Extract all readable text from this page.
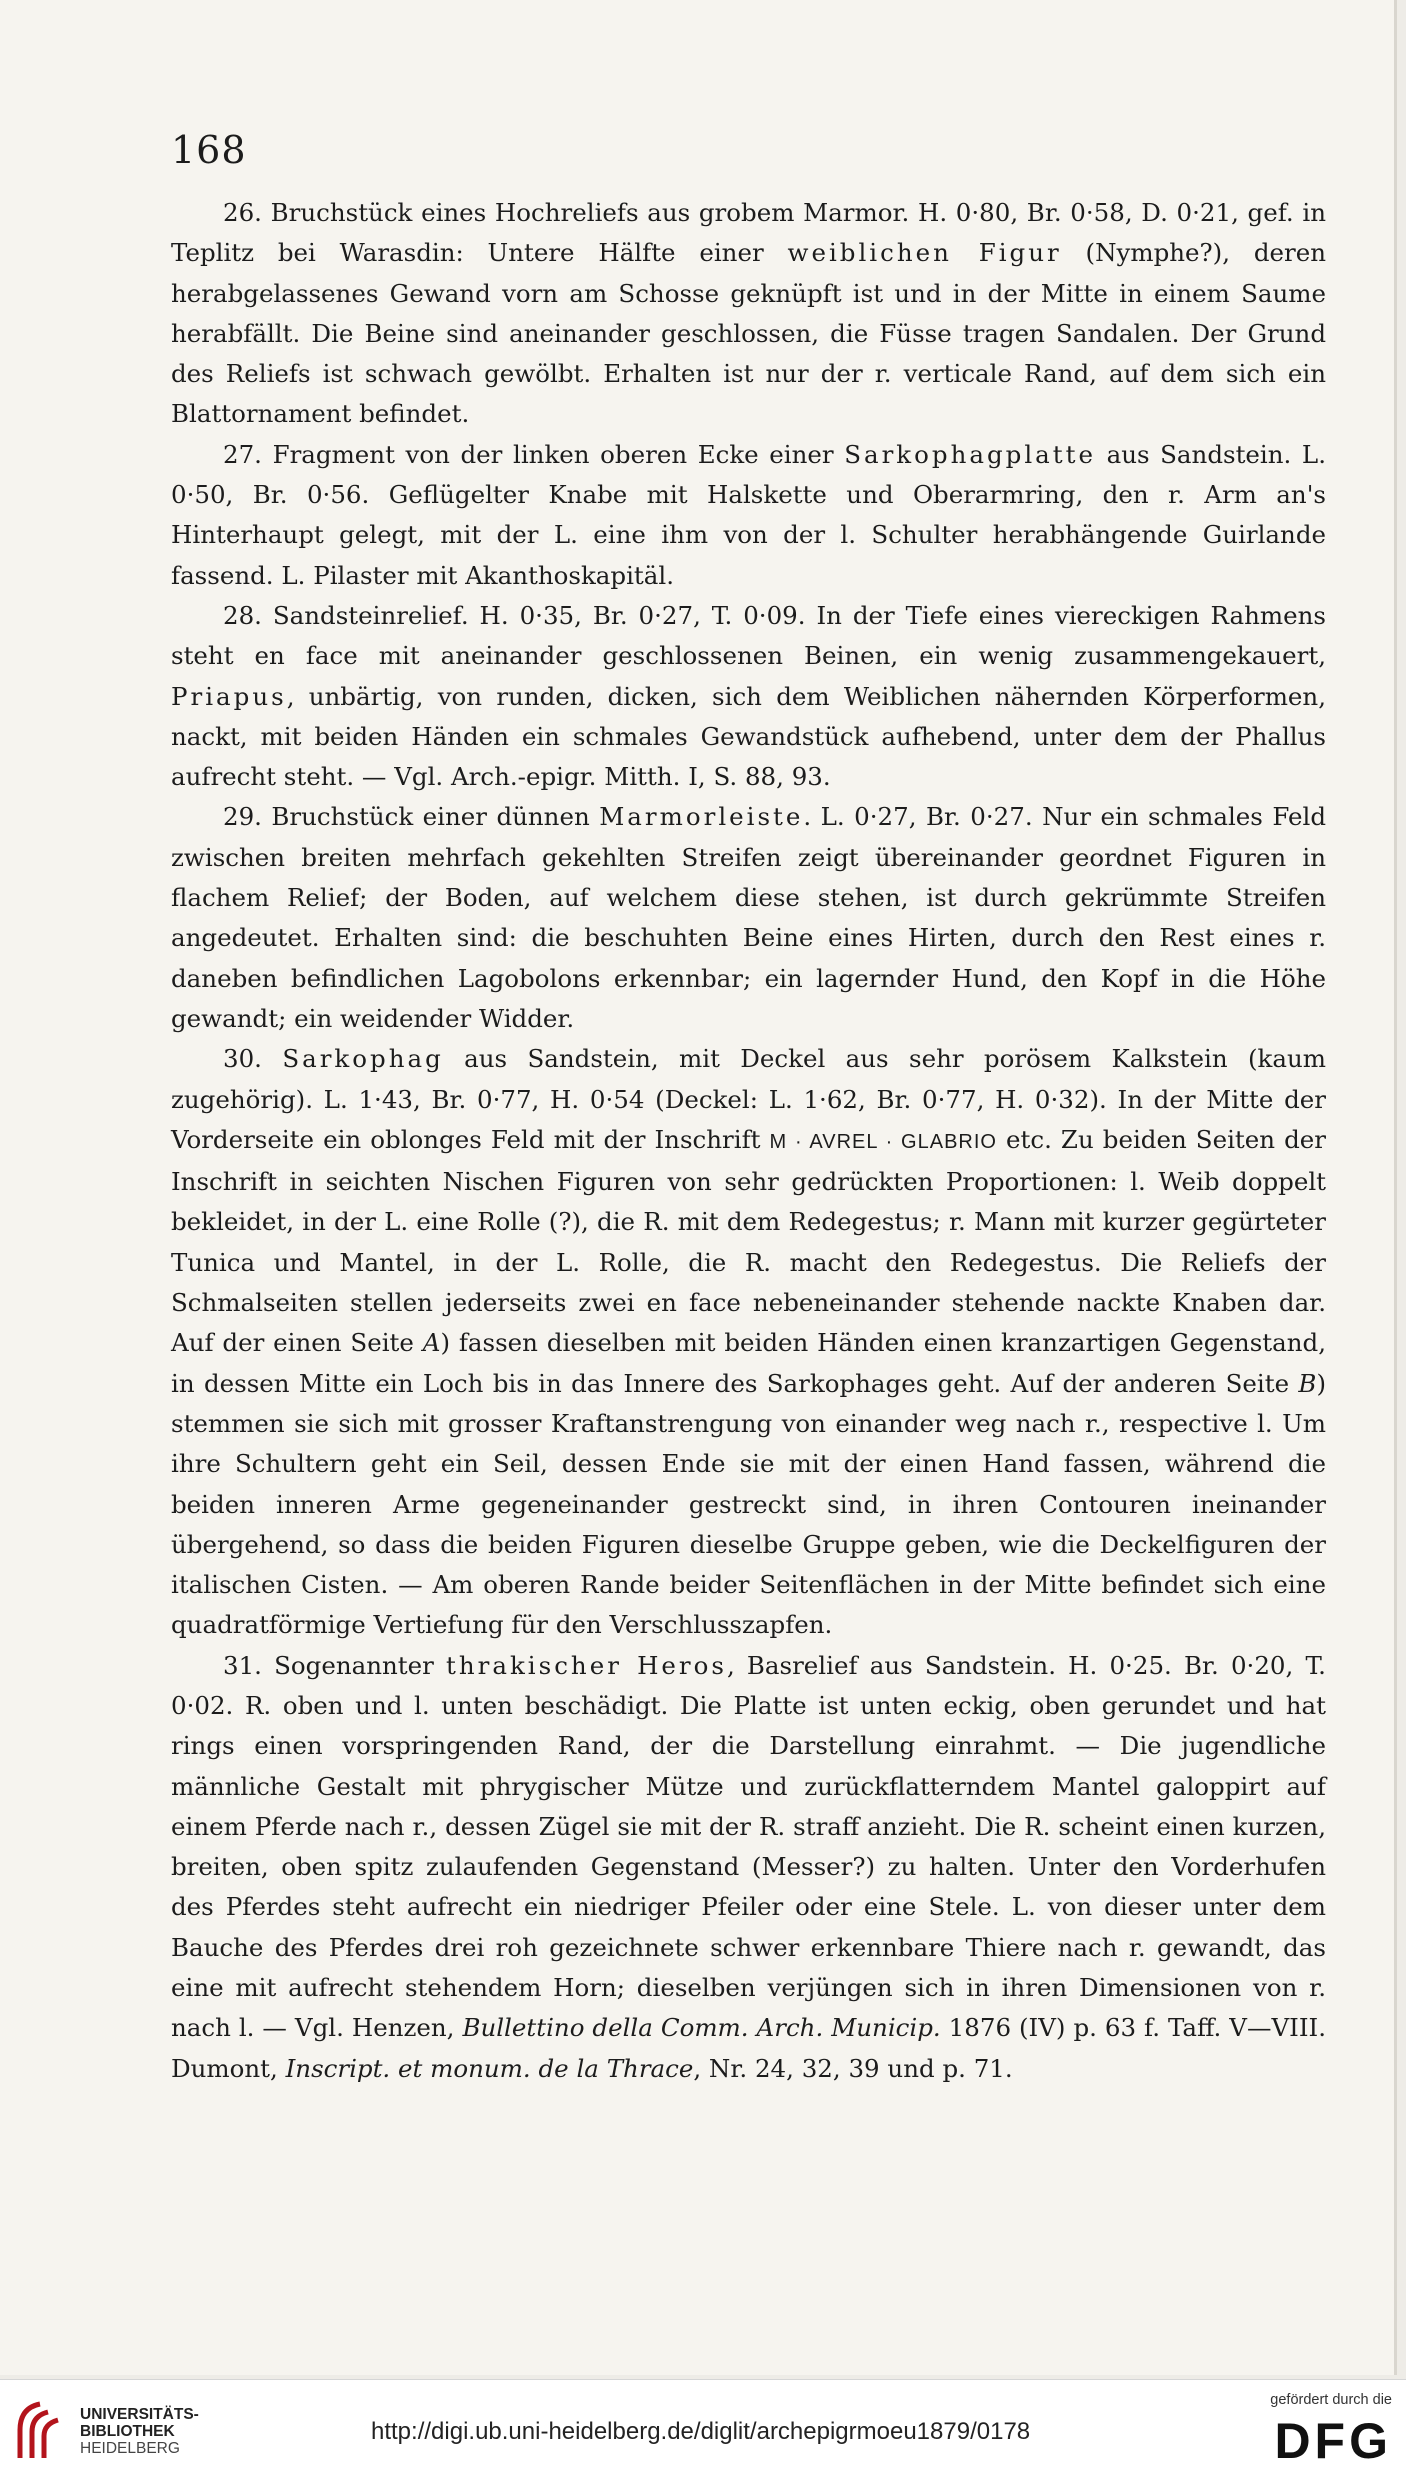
168

26. Bruchstück eines Hochreliefs aus grobem Marmor. H. 0·80, Br. 0·58, D. 0·21, gef. in Teplitz bei Warasdin: Untere Hälfte einer weiblichen Figur (Nymphe?), deren herabgelassenes Gewand vorn am Schosse geknüpft ist und in der Mitte in einem Saume herabfällt. Die Beine sind aneinander geschlossen, die Füsse tragen Sandalen. Der Grund des Reliefs ist schwach gewölbt. Erhalten ist nur der r. verticale Rand, auf dem sich ein Blattornament befindet.

27. Fragment von der linken oberen Ecke einer Sarkophagplatte aus Sandstein. L. 0·50, Br. 0·56. Geflügelter Knabe mit Halskette und Oberarmring, den r. Arm an's Hinterhaupt gelegt, mit der L. eine ihm von der l. Schulter herabhängende Guirlande fassend. L. Pilaster mit Akanthoskapitäl.

28. Sandsteinrelief. H. 0·35, Br. 0·27, T. 0·09. In der Tiefe eines viereckigen Rahmens steht en face mit aneinander geschlossenen Beinen, ein wenig zusammengekauert, Priapus, unbärtig, von runden, dicken, sich dem Weiblichen nähernden Körperformen, nackt, mit beiden Händen ein schmales Gewandstück aufhebend, unter dem der Phallus aufrecht steht. — Vgl. Arch.-epigr. Mitth. I, S. 88, 93.

29. Bruchstück einer dünnen Marmorleiste. L. 0·27, Br. 0·27. Nur ein schmales Feld zwischen breiten mehrfach gekehlten Streifen zeigt übereinander geordnet Figuren in flachem Relief; der Boden, auf welchem diese stehen, ist durch gekrümmte Streifen angedeutet. Erhalten sind: die beschuhten Beine eines Hirten, durch den Rest eines r. daneben befindlichen Lagobolons erkennbar; ein lagernder Hund, den Kopf in die Höhe gewandt; ein weidender Widder.

30. Sarkophag aus Sandstein, mit Deckel aus sehr porösem Kalkstein (kaum zugehörig). L. 1·43, Br. 0·77, H. 0·54 (Deckel: L. 1·62, Br. 0·77, H. 0·32). In der Mitte der Vorderseite ein oblonges Feld mit der Inschrift M · AVREL · GLABRIO etc. Zu beiden Seiten der Inschrift in seichten Nischen Figuren von sehr gedrückten Proportionen: l. Weib doppelt bekleidet, in der L. eine Rolle (?), die R. mit dem Redegestus; r. Mann mit kurzer gegürteter Tunica und Mantel, in der L. Rolle, die R. macht den Redegestus. Die Reliefs der Schmalseiten stellen jederseits zwei en face nebeneinander stehende nackte Knaben dar. Auf der einen Seite A) fassen dieselben mit beiden Händen einen kranzartigen Gegenstand, in dessen Mitte ein Loch bis in das Innere des Sarkophages geht. Auf der anderen Seite B) stemmen sie sich mit grosser Kraftanstrengung von einander weg nach r., respective l. Um ihre Schultern geht ein Seil, dessen Ende sie mit der einen Hand fassen, während die beiden inneren Arme gegeneinander gestreckt sind, in ihren Contouren ineinander übergehend, so dass die beiden Figuren dieselbe Gruppe geben, wie die Deckelfiguren der italischen Cisten. — Am oberen Rande beider Seitenflächen in der Mitte befindet sich eine quadratförmige Vertiefung für den Verschlusszapfen.

31. Sogenannter thrakischer Heros, Basrelief aus Sandstein. H. 0·25. Br. 0·20, T. 0·02. R. oben und l. unten beschädigt. Die Platte ist unten eckig, oben gerundet und hat rings einen vorspringenden Rand, der die Darstellung einrahmt. — Die jugendliche männliche Gestalt mit phrygischer Mütze und zurückflatterndem Mantel galoppirt auf einem Pferde nach r., dessen Zügel sie mit der R. straff anzieht. Die R. scheint einen kurzen, breiten, oben spitz zulaufenden Gegenstand (Messer?) zu halten. Unter den Vorderhufen des Pferdes steht aufrecht ein niedriger Pfeiler oder eine Stele. L. von dieser unter dem Bauche des Pferdes drei roh gezeichnete schwer erkennbare Thiere nach r. gewandt, das eine mit aufrecht stehendem Horn; dieselben verjüngen sich in ihren Dimensionen von r. nach l. — Vgl. Henzen, Bullettino della Comm. Arch. Municip. 1876 (IV) p. 63 f. Taff. V—VIII. Dumont, Inscript. et monum. de la Thrace, Nr. 24, 32, 39 und p. 71.

UNIVERSITÄTS-
BIBLIOTHEK
HEIDELBERG
http://digi.ub.uni-heidelberg.de/diglit/archepigrmoeu1879/0178
gefördert durch die
DFG
